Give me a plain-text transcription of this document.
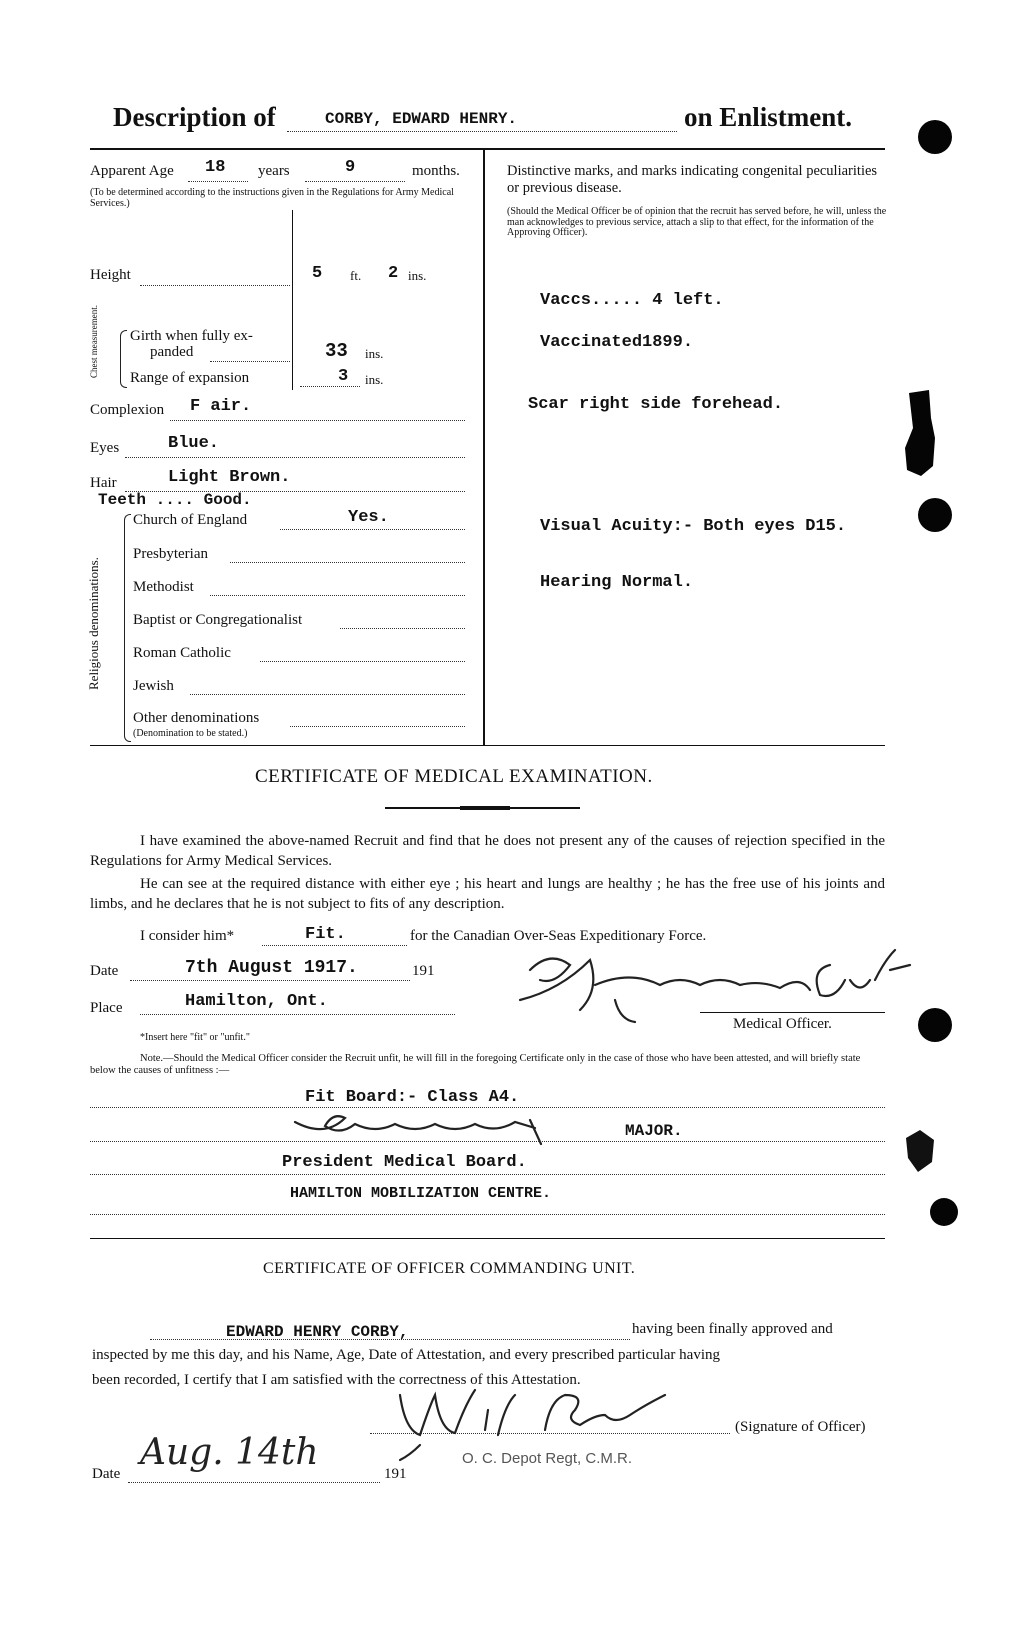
Description of	CORBY, EDWARD HENRY.	on Enlistment.
Apparent Age 18 years	9	months.
(To be determined according to the instructions given in the Regulations for Army Medical Services.)
Height	5 ft. 2 ins.
Chest measurement. Girth when fully ex-
panded	33 ins.
Range of expansion	3 ins.
Complexion F air.
Eyes	Blue.
Hair	Light Brown.
Teeth .... Good.
Religious denominations.
Church of England	Yes.
Presbyterian
Methodist
Baptist or Congregationalist
Roman Catholic
Jewish
Other denominations
(Denomination to be stated.)
Distinctive marks, and marks indicating congenital peculiarities or previous disease.
(Should the Medical Officer be of opinion that the recruit has served before, he will, unless the man acknowledges to previous service, attach a slip to that effect, for the information of the Approving Officer).
Vaccs..... 4 left.
Vaccinated1899.
Scar right side forehead.
Visual Acuity:- Both eyes D15.
Hearing Normal.
CERTIFICATE OF MEDICAL EXAMINATION.
I have examined the above-named Recruit and find that he does not present any of the causes of rejection specified in the Regulations for Army Medical Services.
He can see at the required distance with either eye ; his heart and lungs are healthy ; he has the free use of his joints and limbs, and he declares that he is not subject to fits of any description.
I consider him*	Fit.	for the Canadian Over-Seas Expeditionary Force.
Date	7th August 1917.	191
Place	Hamilton, Ont.
Medical Officer.
*Insert here "fit" or "unfit."
Note.—Should the Medical Officer consider the Recruit unfit, he will fill in the foregoing Certificate only in the case of those who have been attested, and will briefly state below the causes of unfitness :—
Fit Board:- Class A4.
MAJOR.
President Medical Board.
HAMILTON MOBILIZATION CENTRE.
CERTIFICATE OF OFFICER COMMANDING UNIT.
EDWARD HENRY CORBY,	having been finally approved and
inspected by me this day, and his Name, Age, Date of Attestation, and every prescribed particular having
been recorded, I certify that I am satisfied with the correctness of this Attestation.
(Signature of Officer)
O. C. Depot Regt, C.M.R.
Date
Aug. 14th
191
